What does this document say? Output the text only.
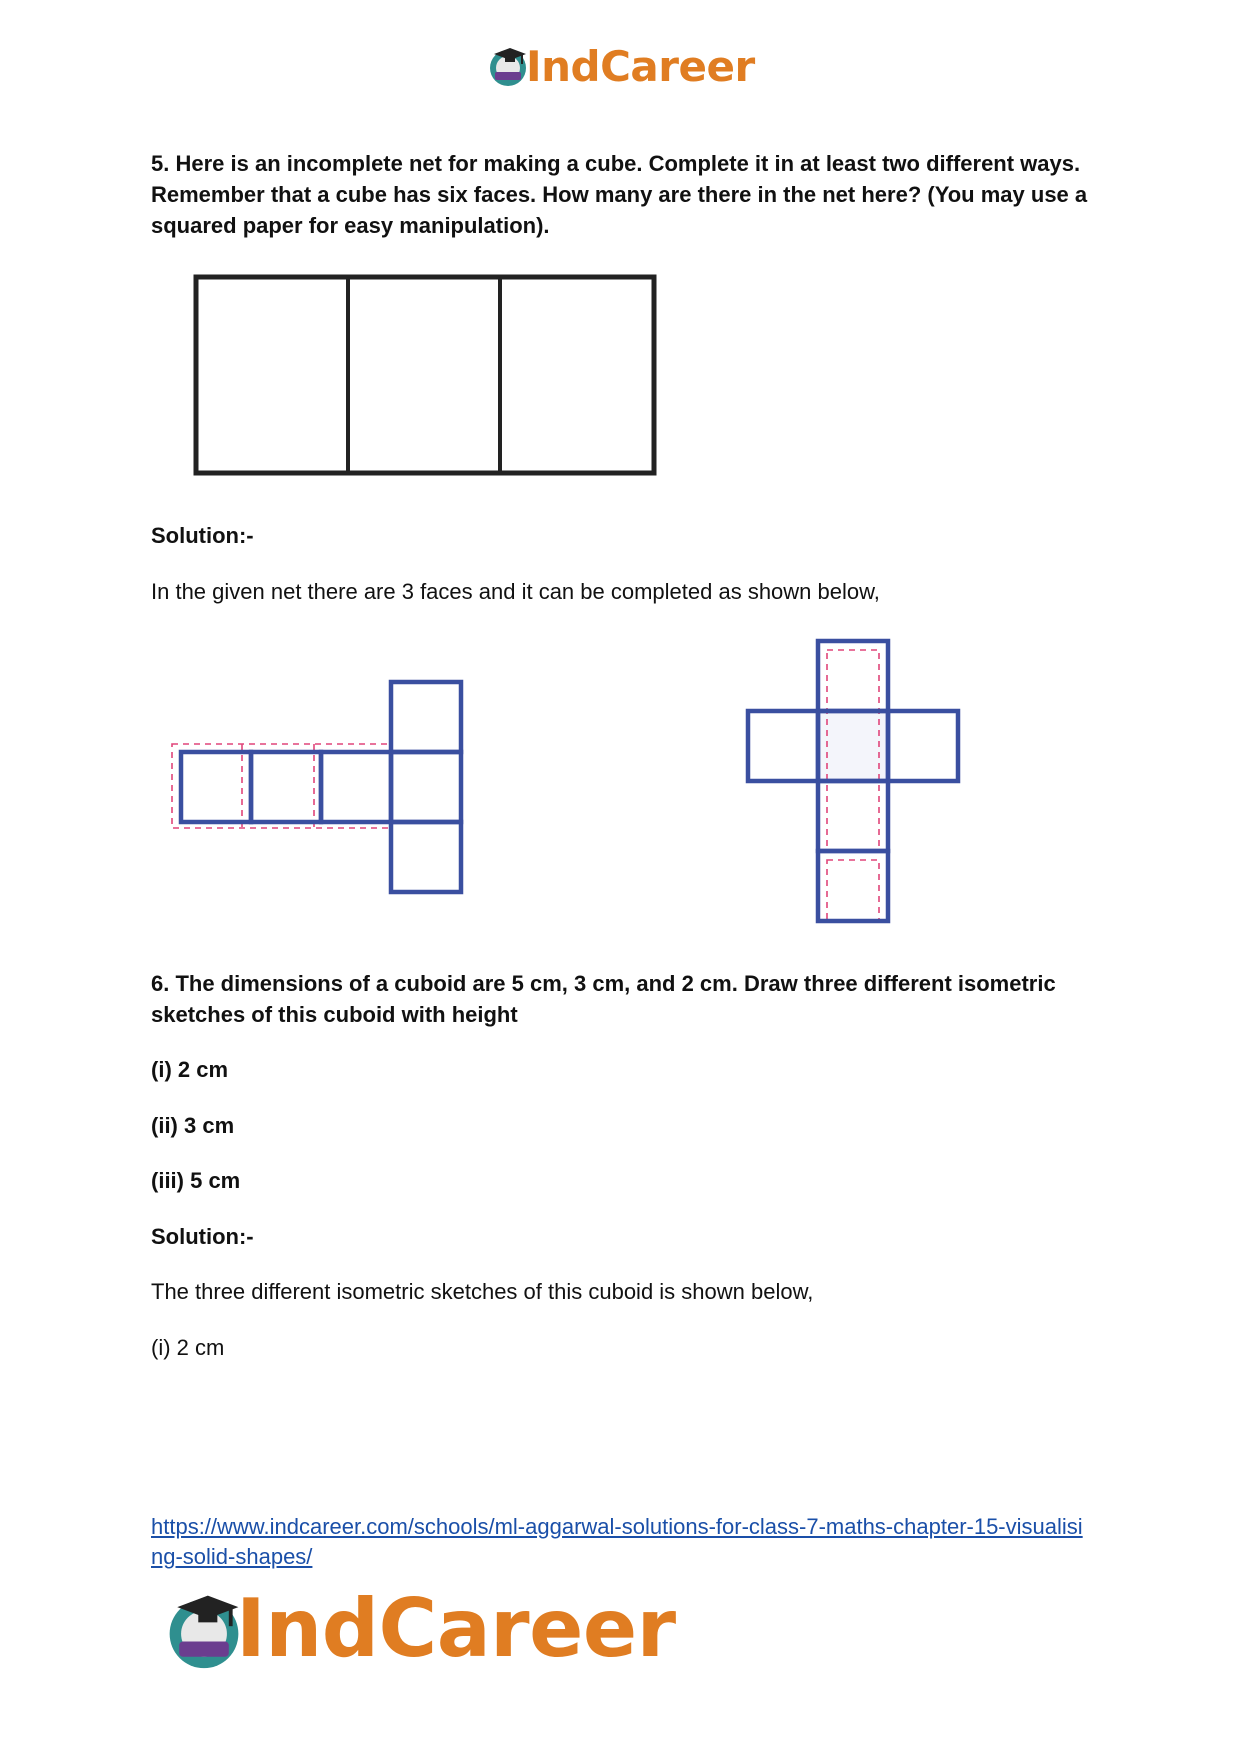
IndCareer
5. Here is an incomplete net for making a cube. Complete it in at least two different ways. Remember that a cube has six faces. How many are there in the net here? (You may use a squared paper for easy manipulation).
Solution:-
In the given net there are 3 faces and it can be completed as shown below,
6. The dimensions of a cuboid are 5 cm, 3 cm, and 2 cm. Draw three different isometric sketches of this cuboid with height
(i) 2 cm
(ii) 3 cm
(iii) 5 cm
Solution:-
The three different isometric sketches of this cuboid is shown below,
(i) 2 cm
https://www.indcareer.com/schools/ml-aggarwal-solutions-for-class-7-maths-chapter-15-visualising-solid-shapes/
IndCareer
